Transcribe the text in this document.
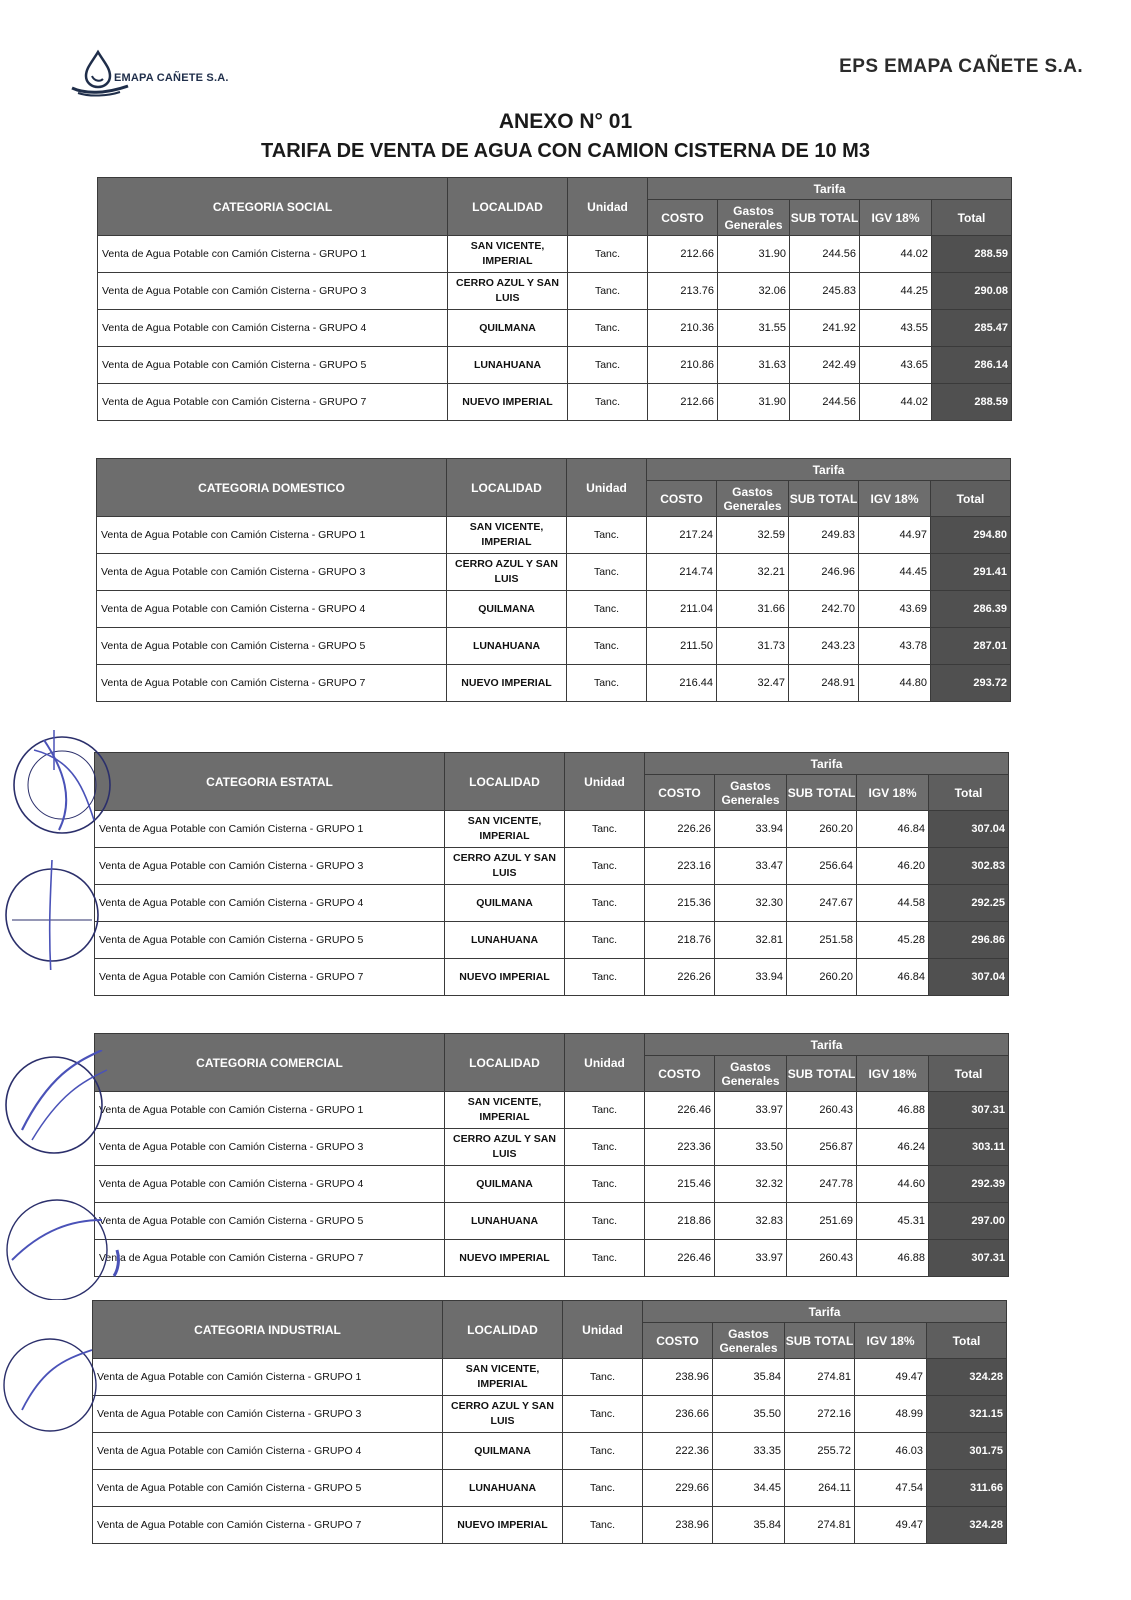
EMAPA CAÑETE S.A.
EPS EMAPA CAÑETE S.A.
ANEXO N° 01
TARIFA DE VENTA DE AGUA CON CAMION CISTERNA DE 10 M3
CATEGORIA SOCIAL	LOCALIDAD	Unidad	Tarifa				
			COSTO	Gastos
Generales	SUB TOTAL	IGV 18%	Total
Venta de Agua Potable con Camión Cisterna - GRUPO 1	SAN VICENTE,
IMPERIAL	Tanc.	212.66	31.90	244.56	44.02	288.59
Venta de Agua Potable con Camión Cisterna - GRUPO 3	CERRO AZUL Y SAN
LUIS	Tanc.	213.76	32.06	245.83	44.25	290.08
Venta de Agua Potable con Camión Cisterna - GRUPO 4	QUILMANA	Tanc.	210.36	31.55	241.92	43.55	285.47
Venta de Agua Potable con Camión Cisterna - GRUPO 5	LUNAHUANA	Tanc.	210.86	31.63	242.49	43.65	286.14
Venta de Agua Potable con Camión Cisterna - GRUPO 7	NUEVO IMPERIAL	Tanc.	212.66	31.90	244.56	44.02	288.59
CATEGORIA DOMESTICO	LOCALIDAD	Unidad	Tarifa				
			COSTO	Gastos
Generales	SUB TOTAL	IGV 18%	Total
Venta de Agua Potable con Camión Cisterna - GRUPO 1	SAN VICENTE,
IMPERIAL	Tanc.	217.24	32.59	249.83	44.97	294.80
Venta de Agua Potable con Camión Cisterna - GRUPO 3	CERRO AZUL Y SAN
LUIS	Tanc.	214.74	32.21	246.96	44.45	291.41
Venta de Agua Potable con Camión Cisterna - GRUPO 4	QUILMANA	Tanc.	211.04	31.66	242.70	43.69	286.39
Venta de Agua Potable con Camión Cisterna - GRUPO 5	LUNAHUANA	Tanc.	211.50	31.73	243.23	43.78	287.01
Venta de Agua Potable con Camión Cisterna - GRUPO 7	NUEVO IMPERIAL	Tanc.	216.44	32.47	248.91	44.80	293.72
CATEGORIA ESTATAL	LOCALIDAD	Unidad	Tarifa				
			COSTO	Gastos
Generales	SUB TOTAL	IGV 18%	Total
Venta de Agua Potable con Camión Cisterna - GRUPO 1	SAN VICENTE,
IMPERIAL	Tanc.	226.26	33.94	260.20	46.84	307.04
Venta de Agua Potable con Camión Cisterna - GRUPO 3	CERRO AZUL Y SAN
LUIS	Tanc.	223.16	33.47	256.64	46.20	302.83
Venta de Agua Potable con Camión Cisterna - GRUPO 4	QUILMANA	Tanc.	215.36	32.30	247.67	44.58	292.25
Venta de Agua Potable con Camión Cisterna - GRUPO 5	LUNAHUANA	Tanc.	218.76	32.81	251.58	45.28	296.86
Venta de Agua Potable con Camión Cisterna - GRUPO 7	NUEVO IMPERIAL	Tanc.	226.26	33.94	260.20	46.84	307.04
CATEGORIA COMERCIAL	LOCALIDAD	Unidad	Tarifa				
			COSTO	Gastos
Generales	SUB TOTAL	IGV 18%	Total
Venta de Agua Potable con Camión Cisterna - GRUPO 1	SAN VICENTE,
IMPERIAL	Tanc.	226.46	33.97	260.43	46.88	307.31
Venta de Agua Potable con Camión Cisterna - GRUPO 3	CERRO AZUL Y SAN
LUIS	Tanc.	223.36	33.50	256.87	46.24	303.11
Venta de Agua Potable con Camión Cisterna - GRUPO 4	QUILMANA	Tanc.	215.46	32.32	247.78	44.60	292.39
Venta de Agua Potable con Camión Cisterna - GRUPO 5	LUNAHUANA	Tanc.	218.86	32.83	251.69	45.31	297.00
Venta de Agua Potable con Camión Cisterna - GRUPO 7	NUEVO IMPERIAL	Tanc.	226.46	33.97	260.43	46.88	307.31
CATEGORIA INDUSTRIAL	LOCALIDAD	Unidad	Tarifa				
			COSTO	Gastos
Generales	SUB TOTAL	IGV 18%	Total
Venta de Agua Potable con Camión Cisterna - GRUPO 1	SAN VICENTE,
IMPERIAL	Tanc.	238.96	35.84	274.81	49.47	324.28
Venta de Agua Potable con Camión Cisterna - GRUPO 3	CERRO AZUL Y SAN
LUIS	Tanc.	236.66	35.50	272.16	48.99	321.15
Venta de Agua Potable con Camión Cisterna - GRUPO 4	QUILMANA	Tanc.	222.36	33.35	255.72	46.03	301.75
Venta de Agua Potable con Camión Cisterna - GRUPO 5	LUNAHUANA	Tanc.	229.66	34.45	264.11	47.54	311.66
Venta de Agua Potable con Camión Cisterna - GRUPO 7	NUEVO IMPERIAL	Tanc.	238.96	35.84	274.81	49.47	324.28
